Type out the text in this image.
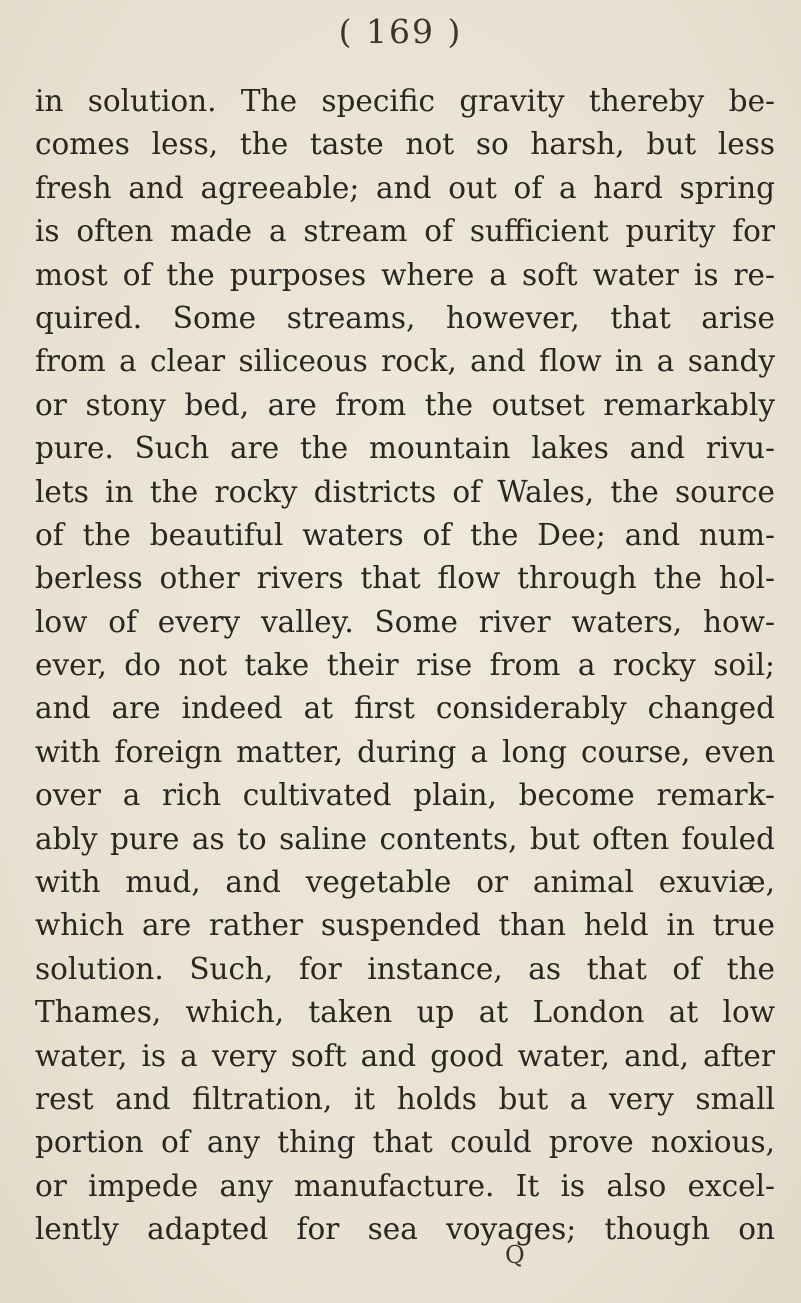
( 169 )
in solution. The specific gravity thereby be-
comes less, the taste not so harsh, but less
fresh and agreeable; and out of a hard spring
is often made a stream of sufficient purity for
most of the purposes where a soft water is re-
quired. Some streams, however, that arise
from a clear siliceous rock, and flow in a sandy
or stony bed, are from the outset remarkably
pure. Such are the mountain lakes and rivu-
lets in the rocky districts of Wales, the source
of the beautiful waters of the Dee; and num-
berless other rivers that flow through the hol-
low of every valley. Some river waters, how-
ever, do not take their rise from a rocky soil;
and are indeed at first considerably changed
with foreign matter, during a long course, even
over a rich cultivated plain, become remark-
ably pure as to saline contents, but often fouled
with mud, and vegetable or animal exuviæ,
which are rather suspended than held in true
solution. Such, for instance, as that of the
Thames, which, taken up at London at low
water, is a very soft and good water, and, after
rest and filtration, it holds but a very small
portion of any thing that could prove noxious,
or impede any manufacture. It is also excel-
lently adapted for sea voyages; though on
Q
